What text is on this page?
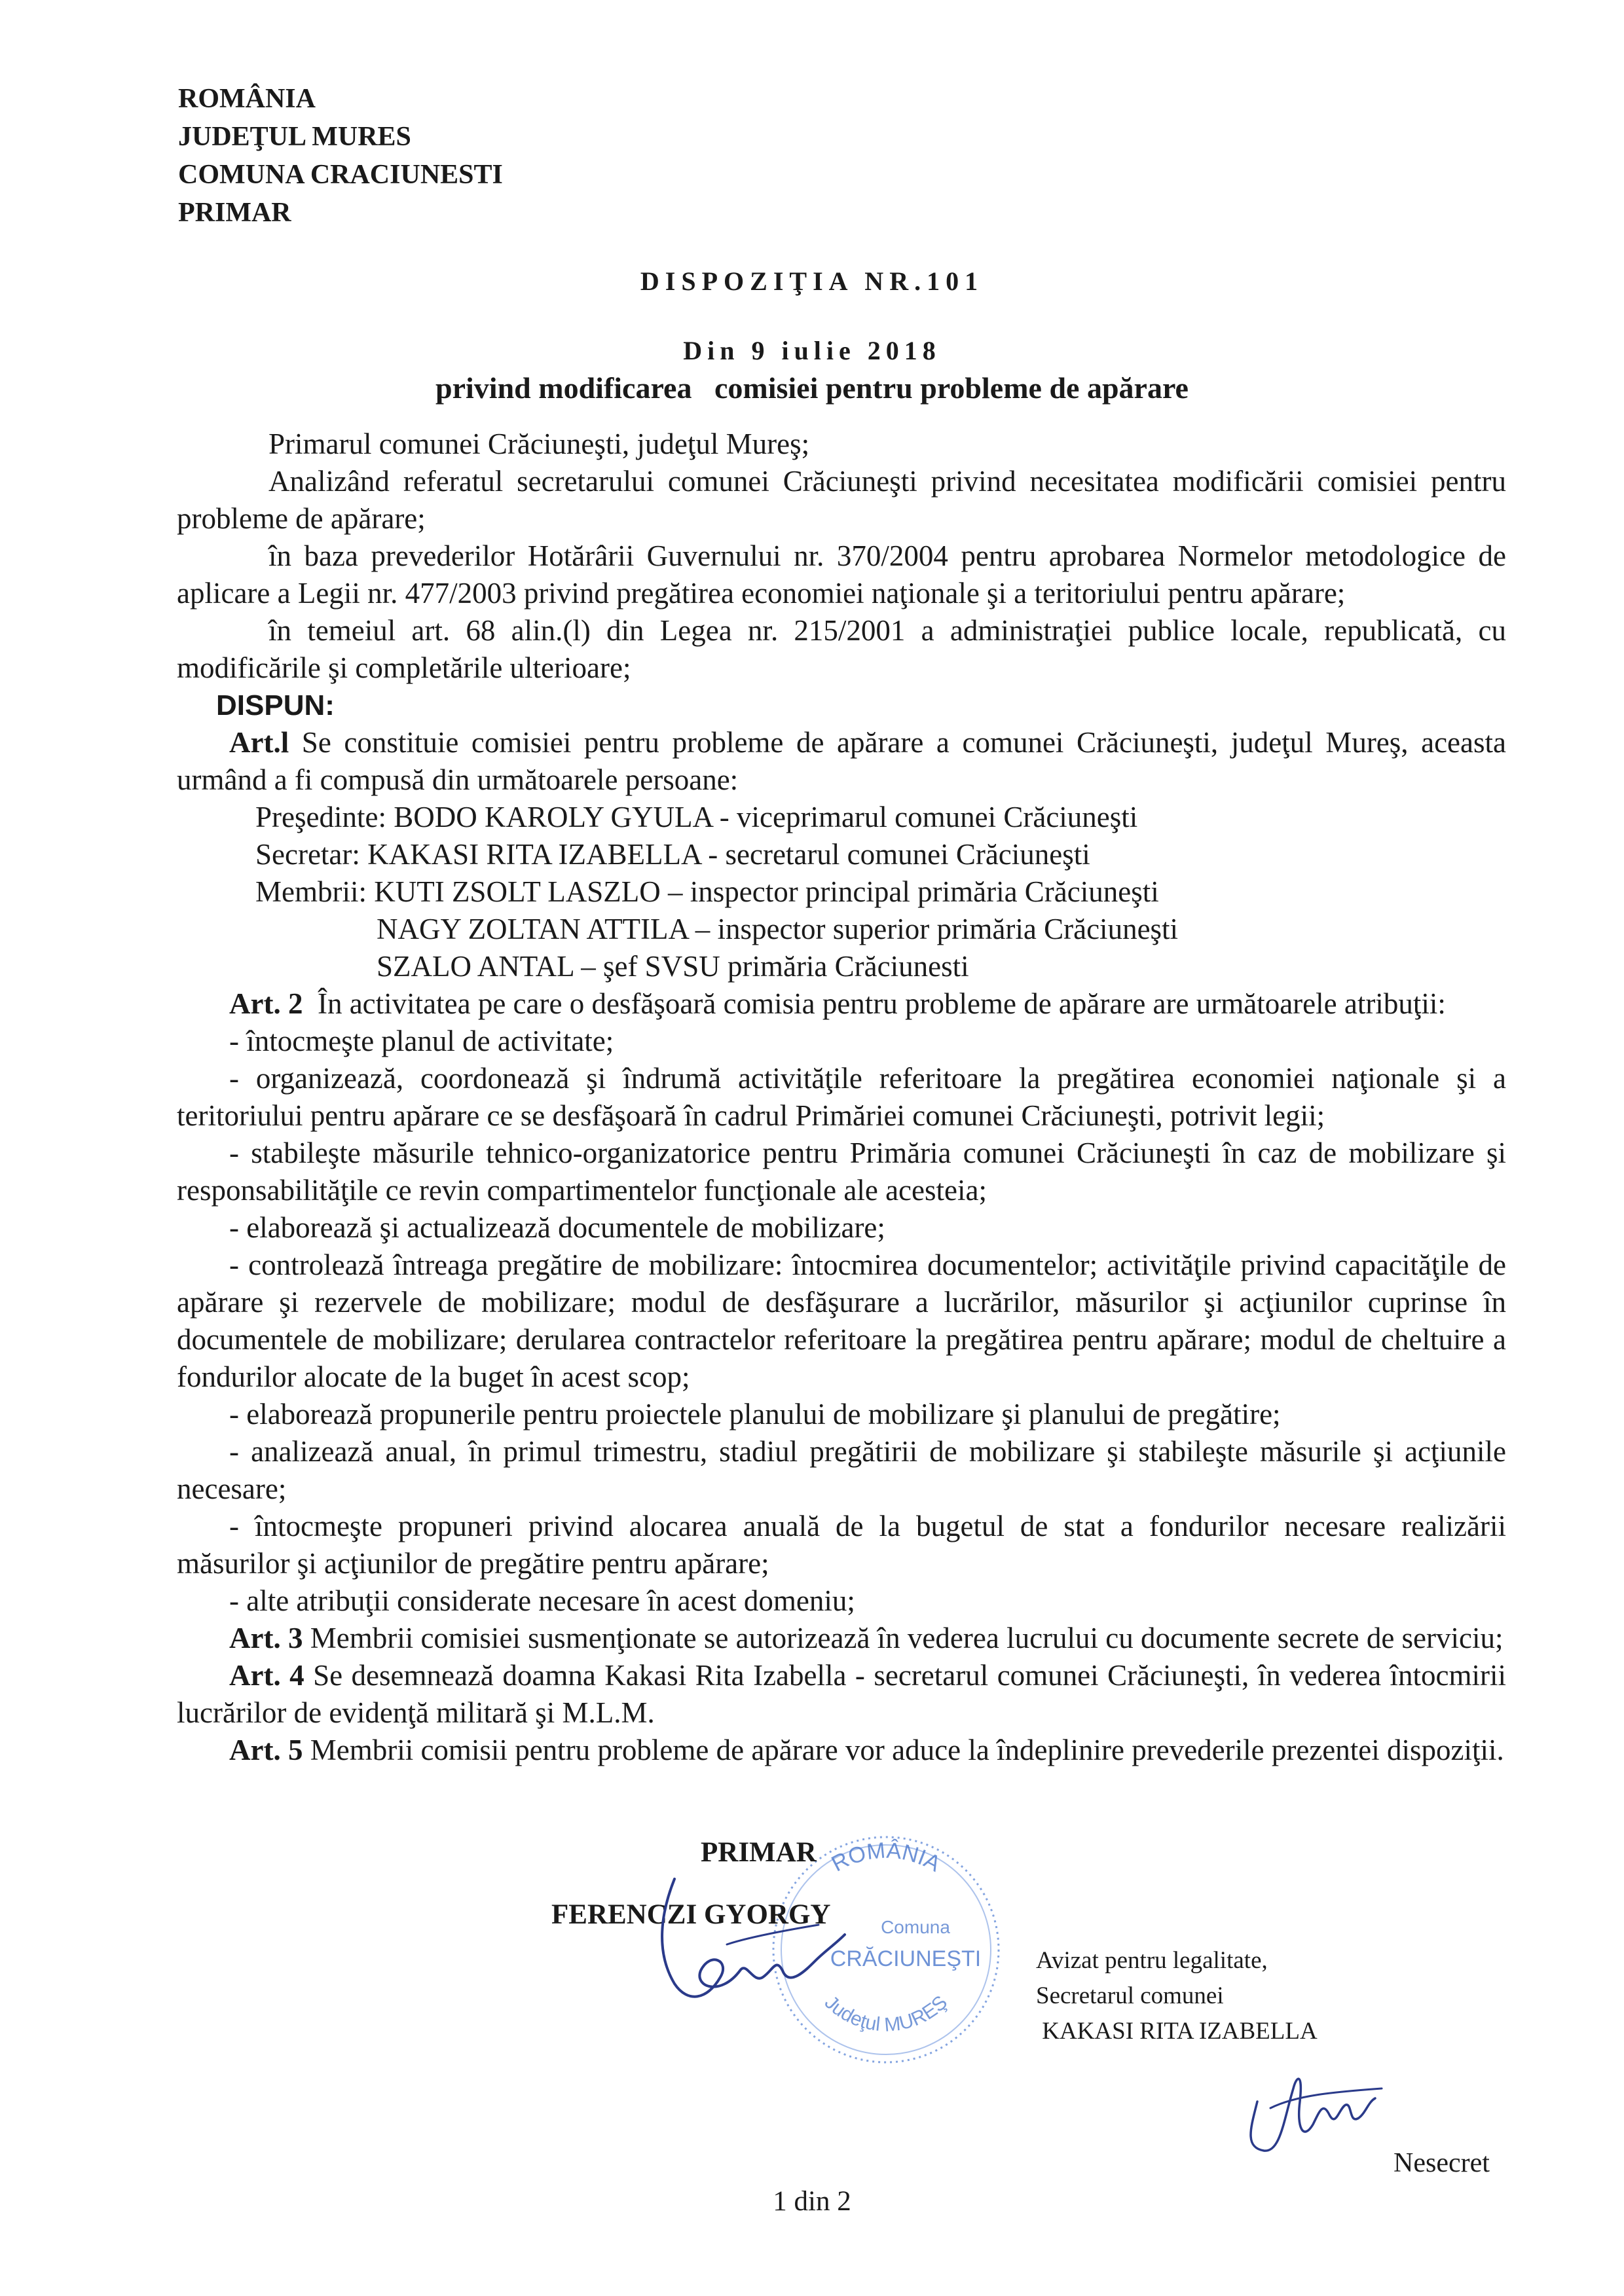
ROMÂNIA
JUDEŢUL MURES
COMUNA CRACIUNESTI
PRIMAR
DISPOZIŢIA NR.101
Din 9 iulie 2018
privind modificarea   comisiei pentru probleme de apărare

Primarul comunei Crăciuneşti, judeţul Mureş;

Analizând referatul secretarului comunei Crăciuneşti privind necesitatea modificării comisiei pentru probleme de apărare;

în baza prevederilor Hotărârii Guvernului nr. 370/2004 pentru aprobarea Normelor metodologice de aplicare a Legii nr. 477/2003 privind pregătirea economiei naţionale şi a teritoriului pentru apărare;

în temeiul art. 68 alin.(l) din Legea nr. 215/2001 a administraţiei publice locale, republicată, cu modificările şi completările ulterioare;

DISPUN:

Art.l Se constituie comisiei pentru probleme de apărare a comunei Crăciuneşti, judeţul Mureş, aceasta urmând a fi compusă din următoarele persoane:

Preşedinte: BODO KAROLY GYULA - viceprimarul comunei Crăciuneşti

Secretar: KAKASI RITA IZABELLA - secretarul comunei Crăciuneşti

Membrii: KUTI ZSOLT LASZLO – inspector principal primăria Crăciuneşti

NAGY ZOLTAN ATTILA – inspector superior primăria Crăciuneşti

SZALO ANTAL – şef SVSU primăria Crăciunesti

Art. 2  În activitatea pe care o desfăşoară comisia pentru probleme de apărare are următoarele atribuţii:

- întocmeşte planul de activitate;

- organizează, coordonează şi îndrumă activităţile referitoare la pregătirea economiei naţionale şi a teritoriului pentru apărare ce se desfăşoară în cadrul Primăriei comunei Crăciuneşti, potrivit legii;

- stabileşte măsurile tehnico-organizatorice pentru Primăria comunei Crăciuneşti în caz de mobilizare şi responsabilităţile ce revin compartimentelor funcţionale ale acesteia;

- elaborează şi actualizează documentele de mobilizare;

- controlează întreaga pregătire de mobilizare: întocmirea documentelor; activităţile privind capacităţile de apărare şi rezervele de mobilizare; modul de desfăşurare a lucrărilor, măsurilor şi acţiunilor cuprinse în documentele de mobilizare; derularea contractelor referitoare la pregătirea pentru apărare; modul de cheltuire a fondurilor alocate de la buget în acest scop;

- elaborează propunerile pentru proiectele planului de mobilizare şi planului de pregătire;

- analizează anual, în primul trimestru, stadiul pregătirii de mobilizare şi stabileşte măsurile şi acţiunile necesare;

- întocmeşte propuneri privind alocarea anuală de la bugetul de stat a fondurilor necesare realizării măsurilor şi acţiunilor de pregătire pentru apărare;

- alte atribuţii considerate necesare în acest domeniu;

Art. 3 Membrii comisiei susmenţionate se autorizează în vederea lucrului cu documente secrete de serviciu;

Art. 4 Se desemnează doamna Kakasi Rita Izabella - secretarul comunei Crăciuneşti, în vederea întocmirii lucrărilor de evidenţă militară şi M.L.M.

Art. 5 Membrii comisii pentru probleme de apărare vor aduce la îndeplinire prevederile prezentei dispoziţii.

ROMÂNIA
Comuna
CRĂCIUNEŞTI
Judeţul MUREŞ
PRIMAR
FERENCZI GYORGY
Avizat pentru legalitate,
Secretarul comunei
KAKASI RITA IZABELLA
Nesecret
1 din 2
